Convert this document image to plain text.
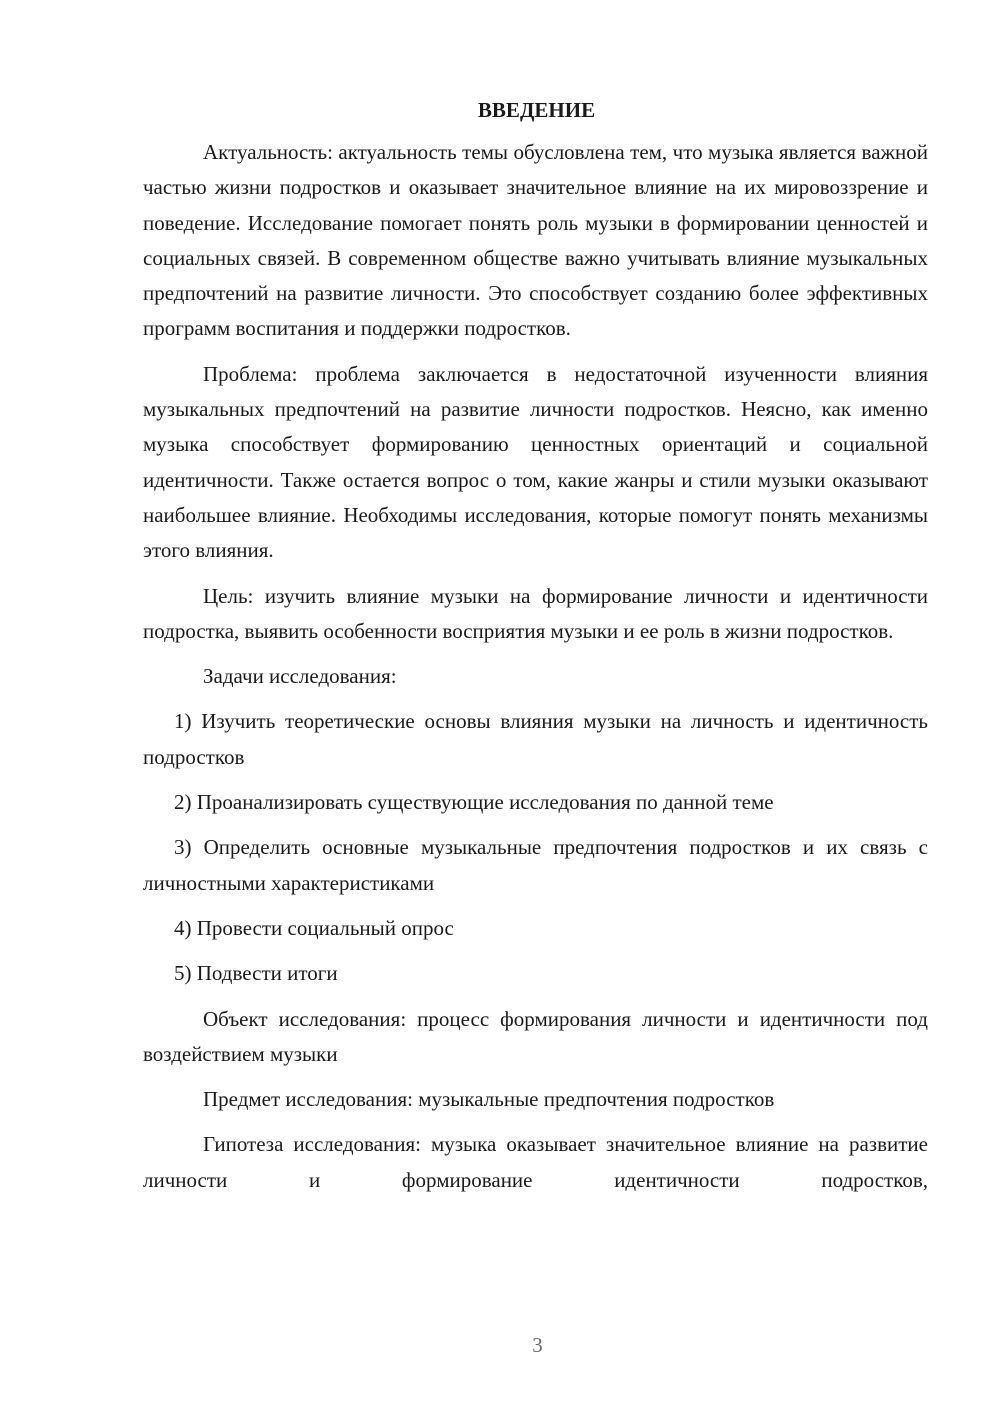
ВВЕДЕНИЕ

Актуальность: актуальность темы обусловлена тем, что музыка является важной частью жизни подростков и оказывает значительное влияние на их мировоззрение и поведение. Исследование помогает понять роль музыки в формировании ценностей и социальных связей. В современном обществе важно учитывать влияние музыкальных предпочтений на развитие личности. Это способствует созданию более эффективных программ воспитания и поддержки подростков.

Проблема: проблема заключается в недостаточной изученности влияния музыкальных предпочтений на развитие личности подростков. Неясно, как именно музыка способствует формированию ценностных ориентаций и социальной идентичности. Также остается вопрос о том, какие жанры и стили музыки оказывают наибольшее влияние. Необходимы исследования, которые помогут понять механизмы этого влияния.

Цель: изучить влияние музыки на формирование личности и идентичности подростка, выявить особенности восприятия музыки и ее роль в жизни подростков.

Задачи исследования:

1) Изучить теоретические основы влияния музыки на личность и идентичность подростков

2) Проанализировать существующие исследования по данной теме

3) Определить основные музыкальные предпочтения подростков и их связь с личностными характеристиками

4) Провести социальный опрос

5) Подвести итоги

Объект исследования: процесс формирования личности и идентичности под воздействием музыки

Предмет исследования: музыкальные предпочтения подростков

Гипотеза исследования: музыка оказывает значительное влияние на развитие личности и формирование идентичности подростков,

3
